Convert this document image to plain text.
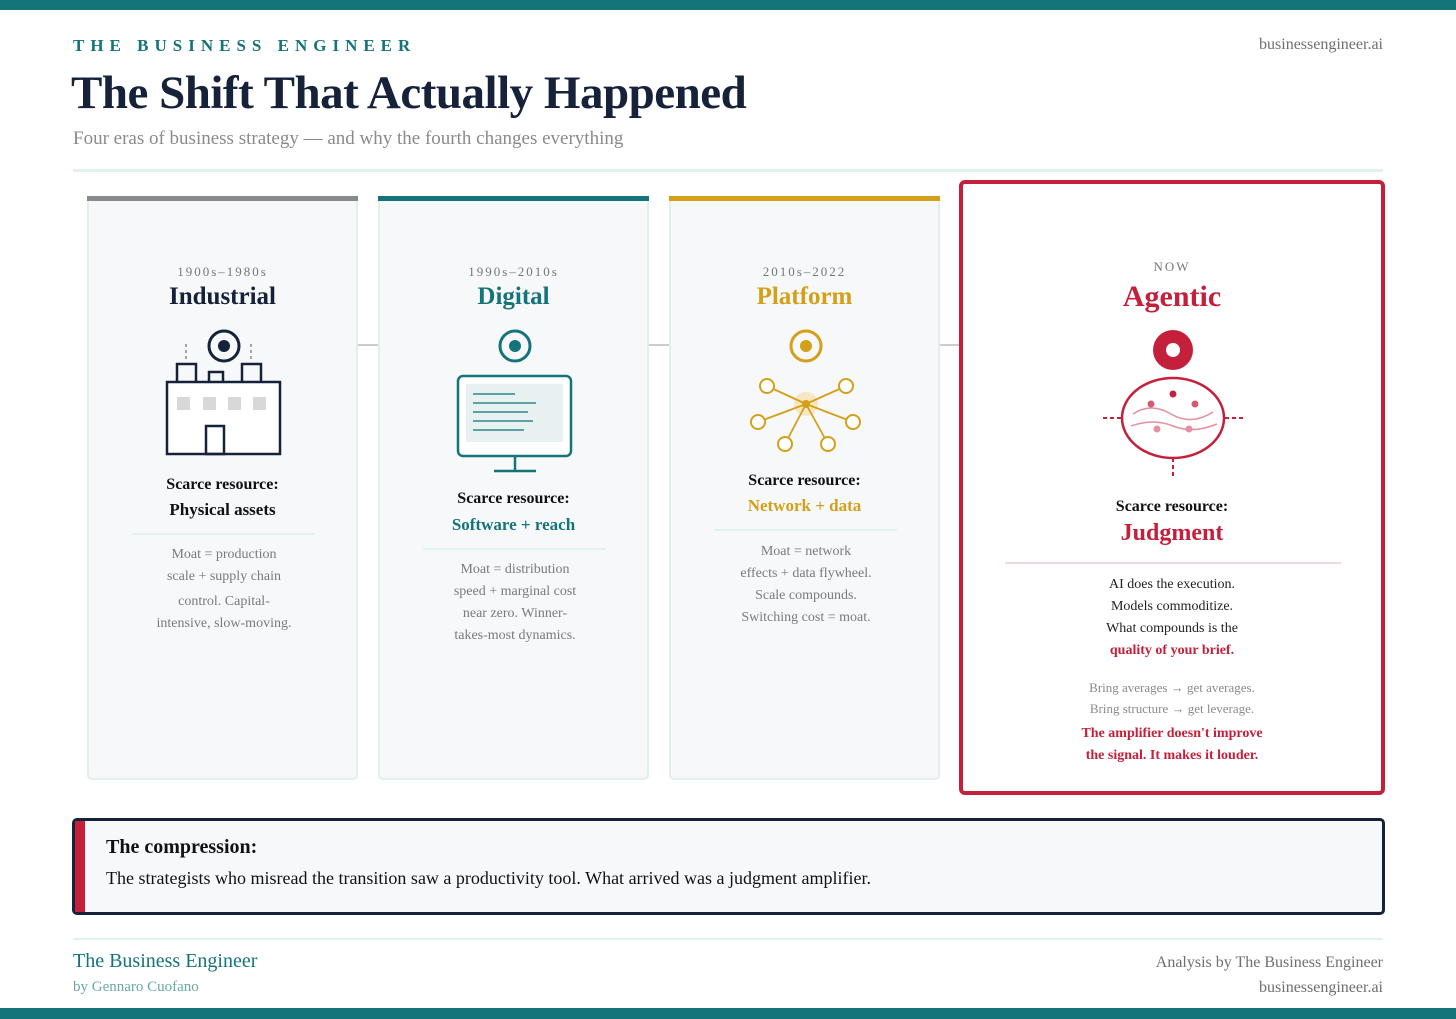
THE BUSINESS ENGINEER	businessengineer.ai
The Shift That Actually Happened
Four eras of business strategy — and why the fourth changes everything
1900s–1980s
Industrial
Scarce resource:
Physical assets
Moat = production
scale + supply chain
control. Capital-
intensive, slow-moving.
1990s–2010s
Digital
Scarce resource:
Software + reach
Moat = distribution
speed + marginal cost
near zero. Winner-
takes-most dynamics.
2010s–2022
Platform
Scarce resource:
Network + data
Moat = network
effects + data flywheel.
Scale compounds.
Switching cost = moat.
NOW
Agentic
Scarce resource:
Judgment
AI does the execution.
Models commoditize.
What compounds is the
quality of your brief.
Bring averages → get averages.
Bring structure → get leverage.
The amplifier doesn't improve
the signal. It makes it louder.
The compression:
The strategists who misread the transition saw a productivity tool. What arrived was a judgment amplifier.
The Business Engineer
by Gennaro Cuofano
Analysis by The Business Engineer
businessengineer.ai
